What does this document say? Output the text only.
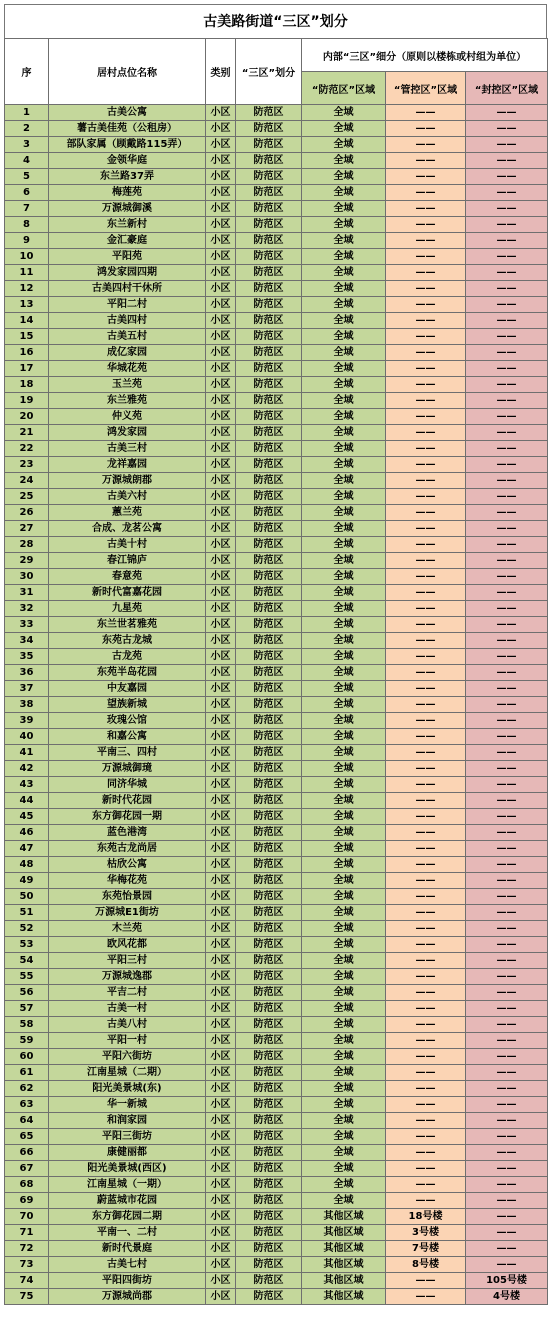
古美路街道“三区”划分
序	居村点位名称	类别	“三区”划分	内部“三区”细分（原则以楼栋或村组为单位）		
				“防范区”区域	“管控区”区域	“封控区”区域
1	古美公寓	小区	防范区	全域	——	——
2	薯古美佳苑（公租房）	小区	防范区	全域	——	——
3	部队家属（顾戴路115弄）	小区	防范区	全域	——	——
4	金领华庭	小区	防范区	全域	——	——
5	东兰路37弄	小区	防范区	全域	——	——
6	梅莲苑	小区	防范区	全域	——	——
7	万源城御溪	小区	防范区	全域	——	——
8	东兰新村	小区	防范区	全域	——	——
9	金汇豪庭	小区	防范区	全域	——	——
10	平阳苑	小区	防范区	全域	——	——
11	鸿发家园四期	小区	防范区	全域	——	——
12	古美四村干休所	小区	防范区	全域	——	——
13	平阳二村	小区	防范区	全域	——	——
14	古美四村	小区	防范区	全域	——	——
15	古美五村	小区	防范区	全域	——	——
16	成亿家园	小区	防范区	全域	——	——
17	华城花苑	小区	防范区	全域	——	——
18	玉兰苑	小区	防范区	全域	——	——
19	东兰雅苑	小区	防范区	全域	——	——
20	仲义苑	小区	防范区	全域	——	——
21	鸿发家园	小区	防范区	全域	——	——
22	古美三村	小区	防范区	全域	——	——
23	龙祥嘉园	小区	防范区	全域	——	——
24	万源城朗郡	小区	防范区	全域	——	——
25	古美六村	小区	防范区	全域	——	——
26	蕙兰苑	小区	防范区	全域	——	——
27	合成、龙茗公寓	小区	防范区	全域	——	——
28	古美十村	小区	防范区	全域	——	——
29	春江锦庐	小区	防范区	全域	——	——
30	春意苑	小区	防范区	全域	——	——
31	新时代富嘉花园	小区	防范区	全域	——	——
32	九星苑	小区	防范区	全域	——	——
33	东兰世茗雅苑	小区	防范区	全域	——	——
34	东苑古龙城	小区	防范区	全域	——	——
35	古龙苑	小区	防范区	全域	——	——
36	东苑半岛花园	小区	防范区	全域	——	——
37	中友嘉园	小区	防范区	全域	——	——
38	望族新城	小区	防范区	全域	——	——
39	玫瑰公馆	小区	防范区	全域	——	——
40	和嘉公寓	小区	防范区	全域	——	——
41	平南三、四村	小区	防范区	全域	——	——
42	万源城御璄	小区	防范区	全域	——	——
43	同济华城	小区	防范区	全域	——	——
44	新时代花园	小区	防范区	全域	——	——
45	东方御花园一期	小区	防范区	全域	——	——
46	蓝色港湾	小区	防范区	全域	——	——
47	东苑古龙尚居	小区	防范区	全域	——	——
48	枯欣公寓	小区	防范区	全域	——	——
49	华梅花苑	小区	防范区	全域	——	——
50	东苑怡景园	小区	防范区	全域	——	——
51	万源城E1街坊	小区	防范区	全域	——	——
52	木兰苑	小区	防范区	全域	——	——
53	欧风花都	小区	防范区	全域	——	——
54	平阳三村	小区	防范区	全域	——	——
55	万源城逸郡	小区	防范区	全域	——	——
56	平吉二村	小区	防范区	全域	——	——
57	古美一村	小区	防范区	全域	——	——
58	古美八村	小区	防范区	全域	——	——
59	平阳一村	小区	防范区	全域	——	——
60	平阳六街坊	小区	防范区	全域	——	——
61	江南星城（二期）	小区	防范区	全域	——	——
62	阳光美景城(东)	小区	防范区	全域	——	——
63	华一新城	小区	防范区	全域	——	——
64	和润家园	小区	防范区	全域	——	——
65	平阳三街坊	小区	防范区	全域	——	——
66	康健丽都	小区	防范区	全域	——	——
67	阳光美景城(西区)	小区	防范区	全域	——	——
68	江南星城（一期）	小区	防范区	全域	——	——
69	蔚蓝城市花园	小区	防范区	全域	——	——
70	东方御花园二期	小区	防范区	其他区域	18号楼	——
71	平南一、二村	小区	防范区	其他区域	3号楼	——
72	新时代景庭	小区	防范区	其他区域	7号楼	——
73	古美七村	小区	防范区	其他区域	8号楼	——
74	平阳四街坊	小区	防范区	其他区域	——	105号楼
75	万源城尚郡	小区	防范区	其他区域	——	4号楼
